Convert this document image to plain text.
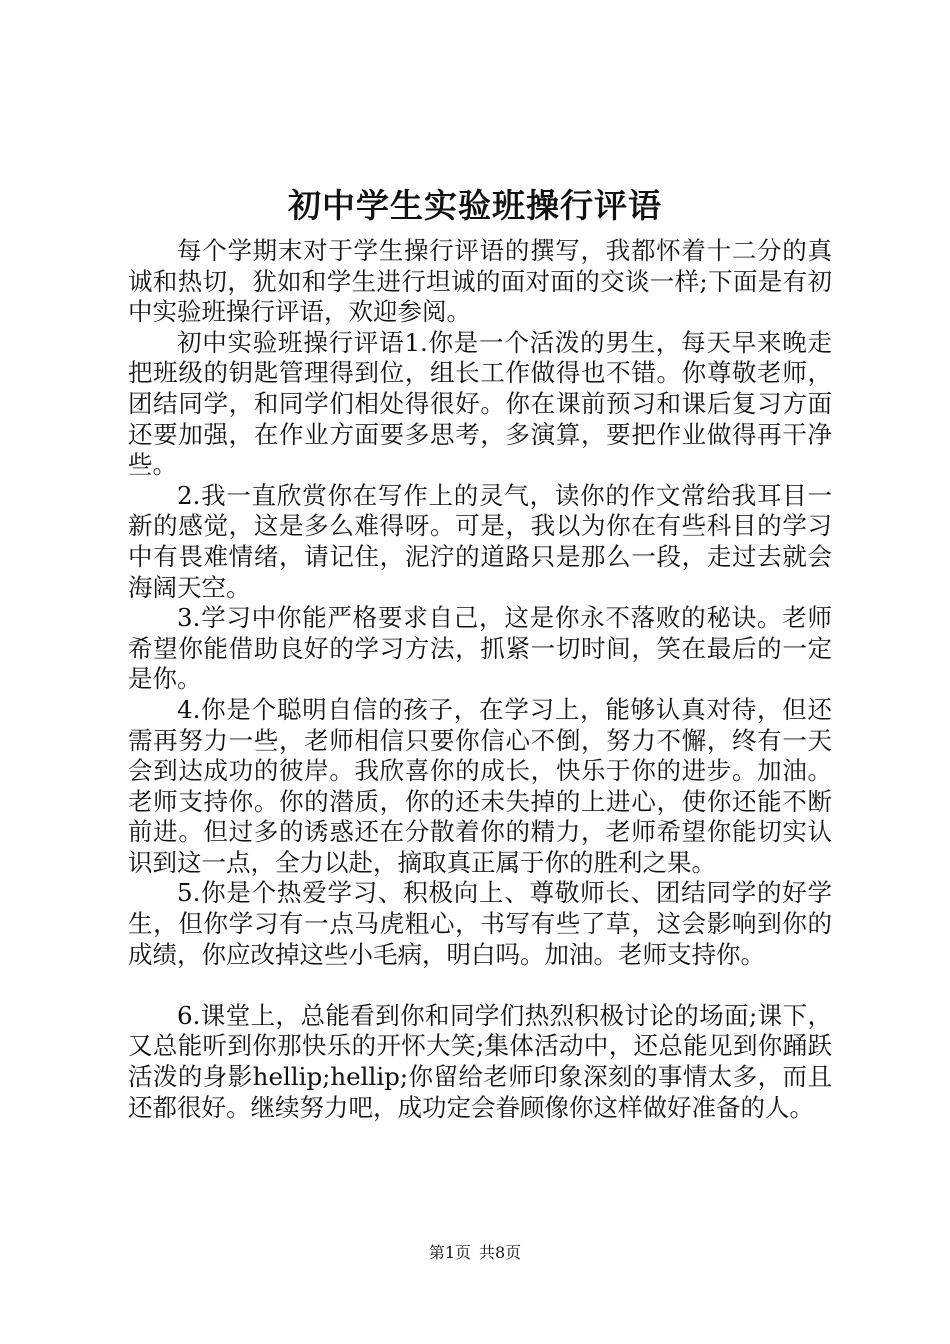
初中学生实验班操行评语

每个学期末对于学生操行评语的撰写，我都怀着十二分的真诚和热切，犹如和学生进行坦诚的面对面的交谈一样;下面是有初中实验班操行评语，欢迎参阅。

初中实验班操行评语1.你是一个活泼的男生，每天早来晚走把班级的钥匙管理得到位，组长工作做得也不错。你尊敬老师，团结同学，和同学们相处得很好。你在课前预习和课后复习方面还要加强，在作业方面要多思考，多演算，要把作业做得再干净些。

2.我一直欣赏你在写作上的灵气，读你的作文常给我耳目一新的感觉，这是多么难得呀。可是，我以为你在有些科目的学习中有畏难情绪，请记住，泥泞的道路只是那么一段，走过去就会海阔天空。

3.学习中你能严格要求自己，这是你永不落败的秘诀。老师希望你能借助良好的学习方法，抓紧一切时间，笑在最后的一定是你。

4.你是个聪明自信的孩子，在学习上，能够认真对待，但还需再努力一些，老师相信只要你信心不倒，努力不懈，终有一天会到达成功的彼岸。我欣喜你的成长，快乐于你的进步。加油。老师支持你。你的潜质，你的还未失掉的上进心，使你还能不断前进。但过多的诱惑还在分散着你的精力，老师希望你能切实认识到这一点，全力以赴，摘取真正属于你的胜利之果。

5.你是个热爱学习、积极向上、尊敬师长、团结同学的好学生，但你学习有一点马虎粗心，书写有些了草，这会影响到你的成绩，你应改掉这些小毛病，明白吗。加油。老师支持你。

6.课堂上，总能看到你和同学们热烈积极讨论的场面;课下，又总能听到你那快乐的开怀大笑;集体活动中，还总能见到你踊跃活泼的身影hellip;hellip;你留给老师印象深刻的事情太多，而且还都很好。继续努力吧，成功定会眷顾像你这样做好准备的人。

第1页 共8页
